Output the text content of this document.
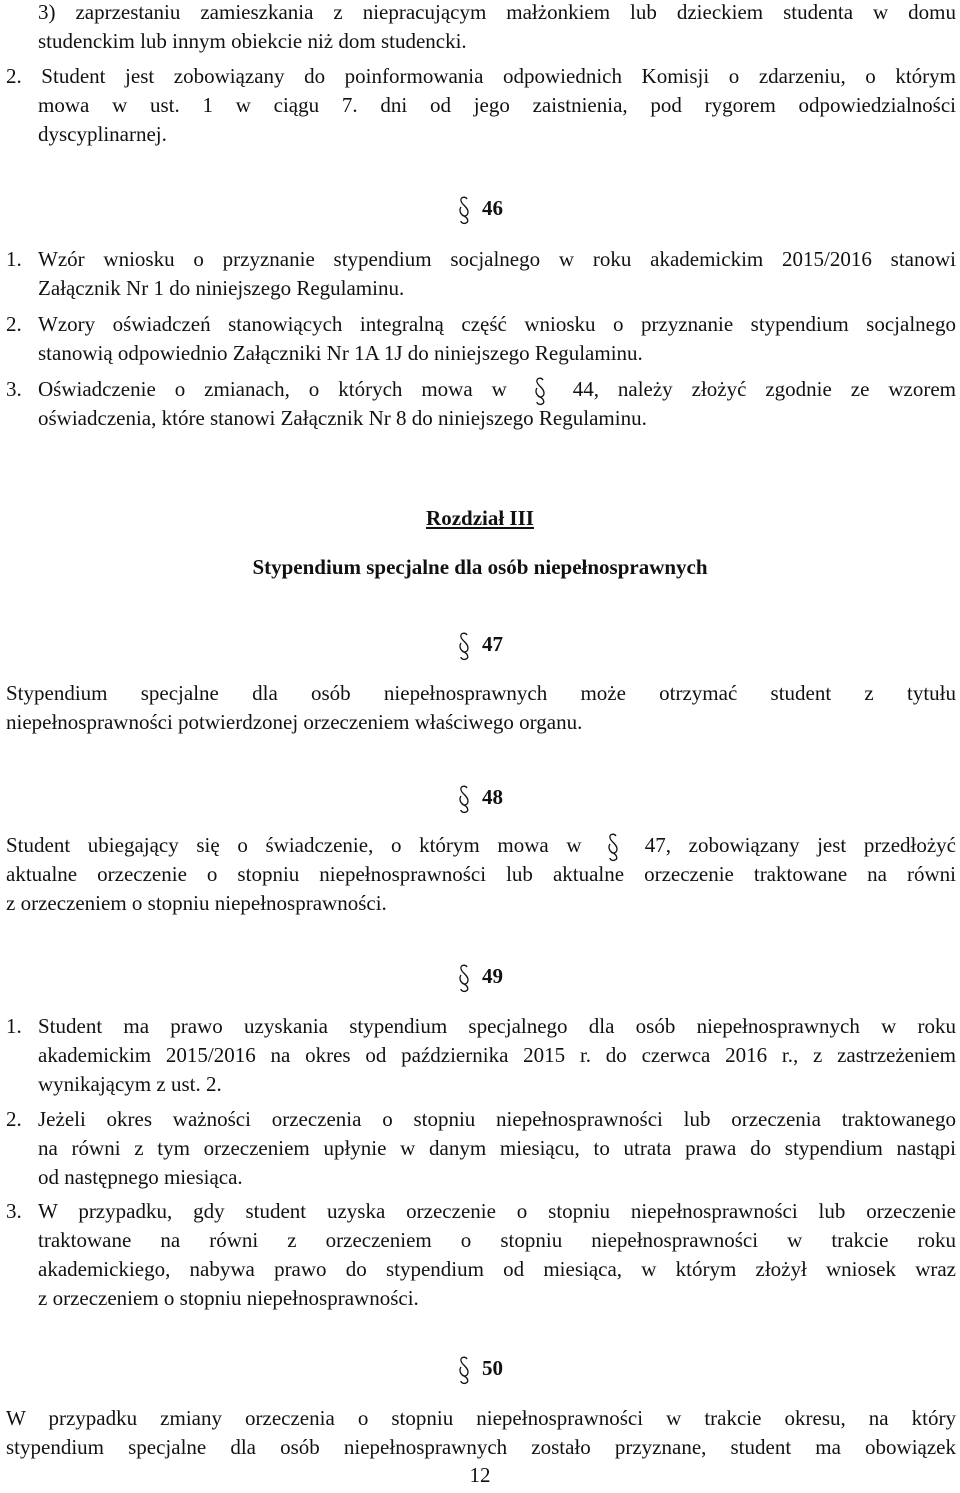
3) zaprzestaniu zamieszkania z niepracującym małżonkiem lub dzieckiem studenta w domu
studenckim lub innym obiekcie niż dom studencki.
2. Student jest zobowiązany do poinformowania odpowiednich Komisji o zdarzeniu, o którym
mowa w ust. 1 w ciągu 7. dni od jego zaistnienia, pod rygorem odpowiedzialności
dyscyplinarnej.
46
1. Wzór wniosku o przyznanie stypendium socjalnego w roku akademickim 2015/2016 stanowi
Załącznik Nr 1 do niniejszego Regulaminu.
2. Wzory oświadczeń stanowiących integralną część wniosku o przyznanie stypendium socjalnego
stanowią odpowiednio Załączniki Nr 1A 1J do niniejszego Regulaminu.
3. Oświadczenie o zmianach, o których mowa w	44, należy złożyć zgodnie ze wzorem
oświadczenia, które stanowi Załącznik Nr 8 do niniejszego Regulaminu.
Rozdział III
Stypendium specjalne dla osób niepełnosprawnych
47
Stypendium specjalne dla osób niepełnosprawnych może otrzymać student z tytułu
niepełnosprawności potwierdzonej orzeczeniem właściwego organu.
48
Student ubiegający się o świadczenie, o którym mowa w	47, zobowiązany jest przedłożyć
aktualne orzeczenie o stopniu niepełnosprawności lub aktualne orzeczenie traktowane na równi
z orzeczeniem o stopniu niepełnosprawności.
49
1. Student ma prawo uzyskania stypendium specjalnego dla osób niepełnosprawnych w roku
akademickim 2015/2016 na okres od października 2015 r. do czerwca 2016 r., z zastrzeżeniem
wynikającym z ust. 2.
2. Jeżeli okres ważności orzeczenia o stopniu niepełnosprawności lub orzeczenia traktowanego
na równi z tym orzeczeniem upłynie w danym miesiącu, to utrata prawa do stypendium nastąpi
od następnego miesiąca.
3. W przypadku, gdy student uzyska orzeczenie o stopniu niepełnosprawności lub orzeczenie
traktowane na równi z orzeczeniem o stopniu niepełnosprawności w trakcie roku
akademickiego, nabywa prawo do stypendium od miesiąca, w którym złożył wniosek wraz
z orzeczeniem o stopniu niepełnosprawności.
50
W przypadku zmiany orzeczenia o stopniu niepełnosprawności w trakcie okresu, na który
stypendium specjalne dla osób niepełnosprawnych zostało przyznane, student ma obowiązek
12
